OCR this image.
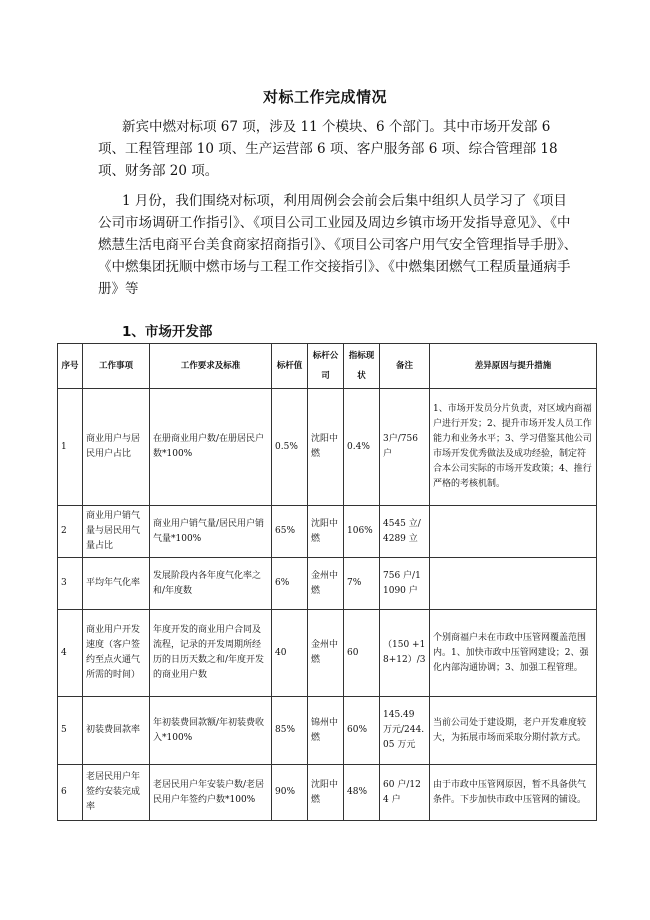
对标工作完成情况

新宾中燃对标项 67 项，涉及 11 个模块、6 个部门。其中市场开发部 6 项、工程管理部 10 项、生产运营部 6 项、客户服务部 6 项、综合管理部 18 项、财务部 20 项。

1 月份，我们围绕对标项，利用周例会会前会后集中组织人员学习了《项目公司市场调研工作指引》、《项目公司工业园及周边乡镇市场开发指导意见》、《中燃慧生活电商平台美食商家招商指引》、《项目公司客户用气安全管理指导手册》、《中燃集团抚顺中燃市场与工程工作交接指引》、《中燃集团燃气工程质量通病手册》等

1、市场开发部
序号	工作事项	工作要求及标准	标杆值	标杆公司	指标现状	备注	差异原因与提升措施
1	商业用户与居民用户占比	在册商业用户数/在册居民户数*100%	0.5%	沈阳中燃	0.4%	3户/756户	1、市场开发员分片负责，对区域内商福户进行开发；2、提升市场开发人员工作能力和业务水平；3、学习借鉴其他公司市场开发优秀做法及成功经验，制定符合本公司实际的市场开发政策；4、推行严格的考核机制。
2	商业用户销气量与居民用气量占比	商业用户销气量/居民用户销气量*100%	65%	沈阳中燃	106%	4545 立/4289 立	
3	平均年气化率	发展阶段内各年度气化率之和/年度数	6%	金州中燃	7%	756 户/11090 户	
4	商业用户开发速度（客户签约至点火通气所需的时间）	年度开发的商业用户合同及流程，记录的开发周期所经历的日历天数之和/年度开发的商业用户数	40	金州中燃	60	（150 +18+12）/3	个别商福户未在市政中压管网覆盖范围内。1、加快市政中压管网建设；2、强化内部沟通协调；3、加强工程管理。
5	初装费回款率	年初装费回款额/年初装费收入*100%	85%	锦州中燃	60%	145.49 万元/244.05 万元	当前公司处于建设期，老户开发难度较大，为拓展市场而采取分期付款方式。
6	老居民用户年签约安装完成率	老居民用户年安装户数/老居民用户年签约户数*100%	90%	沈阳中燃	48%	60 户/124 户	由于市政中压管网原因，暂不具备供气条件。下步加快市政中压管网的铺设。
